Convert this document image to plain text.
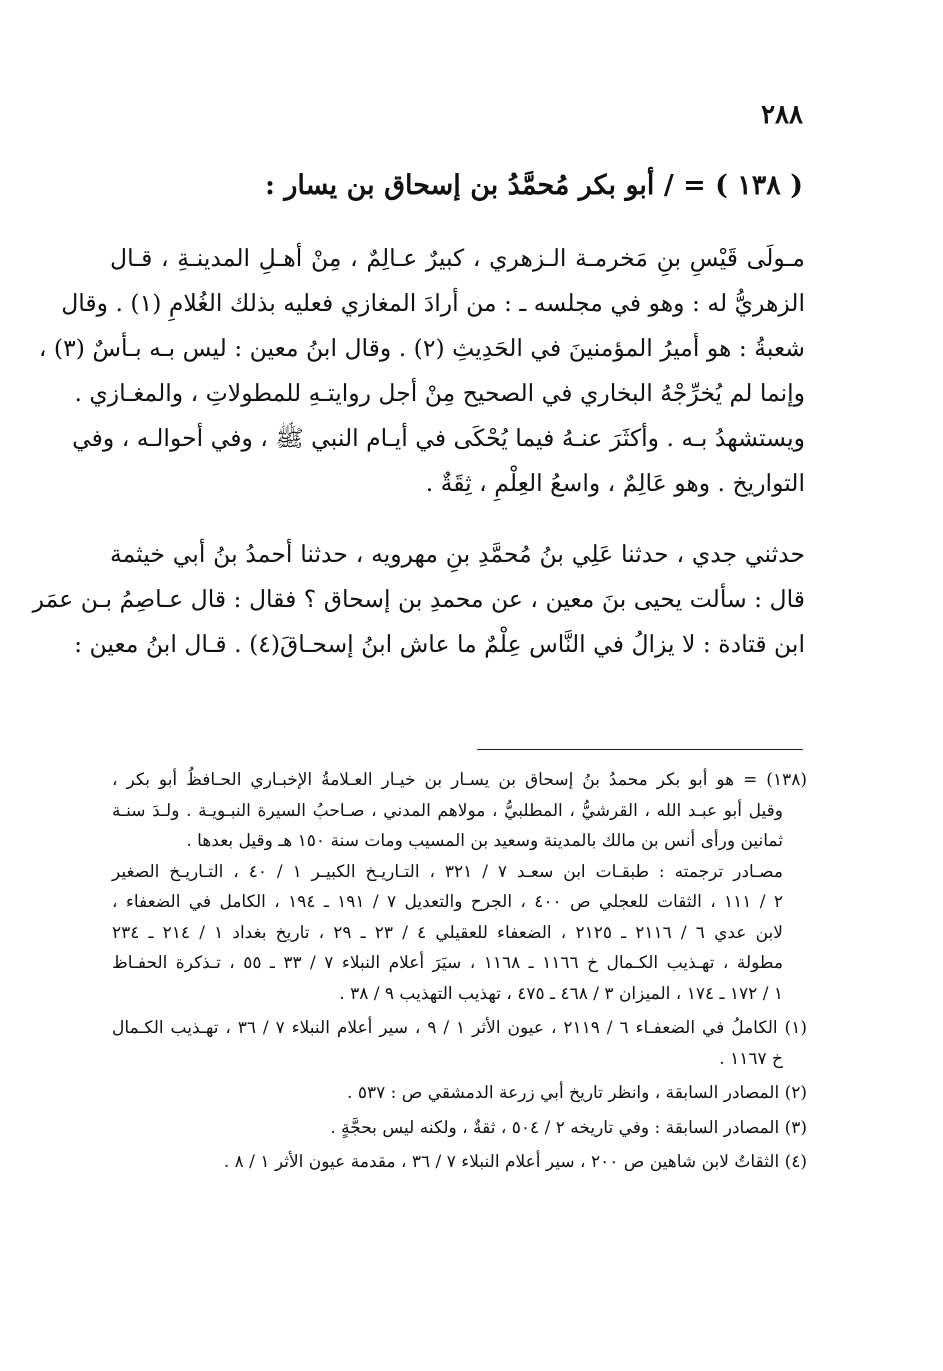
٢٨٨
( ١٣٨ ) = / أبو بكر مُحمَّدُ بن إسحاق بن يسار :
مـولَى قَيْسِ بنِ مَخرمـة الـزهري ، كبيرٌ عـالِمٌ ، مِنْ أهـلِ المدينـةِ ، قـال
الزهريُّ له : وهو في مجلسه ـ : من أرادَ المغازي فعليه بذلك الغُلامِ (١) . وقال
شعبةُ : هو أميرُ المؤمنينَ في الحَدِيثِ (٢) . وقال ابنُ معين : ليس بـه بـأسٌ (٣) ،
وإنما لم يُخرِّجْهُ البخاري في الصحيح مِنْ أجل روايتـهِ للمطولاتِ ، والمغـازي .
ويستشهدُ بـه . وأكثَرَ عنـهُ فيما يُحْكَى في أيـام النبي ﷺ ، وفي أحوالـه ، وفي
التواريخ . وهو عَالِمٌ ، واسعُ العِلْمِ ، ثِقَةٌ .
حدثني جدي ، حدثنا عَلِي بنُ مُحمَّدِ بنِ مهرويه ، حدثنا أحمدُ بنُ أبي خيثمة
قال : سألت يحيى بنَ معين ، عن محمدِ بن إسحاق ؟ فقال : قال عـاصِمُ بـن عمَر
ابن قتادة : لا يزالُ في النَّاس عِلْمٌ ما عاش ابنُ إسحـاقَ(٤) . قـال ابنُ معين :
(١٣٨) = هو أبو بكر محمدُ بنُ إسحاق بن يسـار بن خيـار العـلامةُ الإخبـاري الحـافظُ أبو بكر ،
وقيل أبو عبـد الله ، القرشيُّ ، المطلبيُّ ، مولاهم المدني ، صـاحبُ السيرة النبـويـة . ولـدَ سنـة
ثمانين ورأى أنس بن مالك بالمدينة وسعيد بن المسيب ومات سنة ١٥٠ هـ وقيل بعدها .
مصـادر ترجمته : طبقـات ابن سعـد ٧ / ٣٢١ ، التـاريـخ الكبيـر ١ / ٤٠ ، التـاريـخ الصغير
٢ / ١١١ ، الثقات للعجلي ص ٤٠٠ ، الجرح والتعديل ٧ / ١٩١ ـ ١٩٤ ، الكامل في الضعفاء ،
لابن عدي ٦ / ٢١١٦ ـ ٢١٢٥ ، الضعفاء للعقيلي ٤ / ٢٣ ـ ٢٩ ، تاريخ بغداد ١ / ٢١٤ ـ ٢٣٤
مطولة ، تهـذيب الكـمال خ ١١٦٦ ـ ١١٦٨ ، سيَرَ أعلام النبلاء ٧ / ٣٣ ـ ٥٥ ، تـذكرة الحفـاظ
١ / ١٧٢ ـ ١٧٤ ، الميزان ٣ / ٤٦٨ ـ ٤٧٥ ، تهذيب التهذيب ٩ / ٣٨ .
(١) الكاملُ في الضعفـاء ٦ / ٢١١٩ ، عيون الأثر ١ / ٩ ، سير أعلام النبلاء ٧ / ٣٦ ، تهـذيب الكـمال
خ ١١٦٧ .
(٢) المصادر السابقة ، وانظر تاريخ أبي زرعة الدمشقي ص : ٥٣٧ .
(٣) المصادر السابقة : وفي تاريخه ٢ / ٥٠٤ ، ثقةٌ ، ولكنه ليس بحجَّةٍ .
(٤) الثقاتُ لابن شاهين ص ٢٠٠ ، سير أعلام النبلاء ٧ / ٣٦ ، مقدمة عيون الأثر ١ / ٨ .
